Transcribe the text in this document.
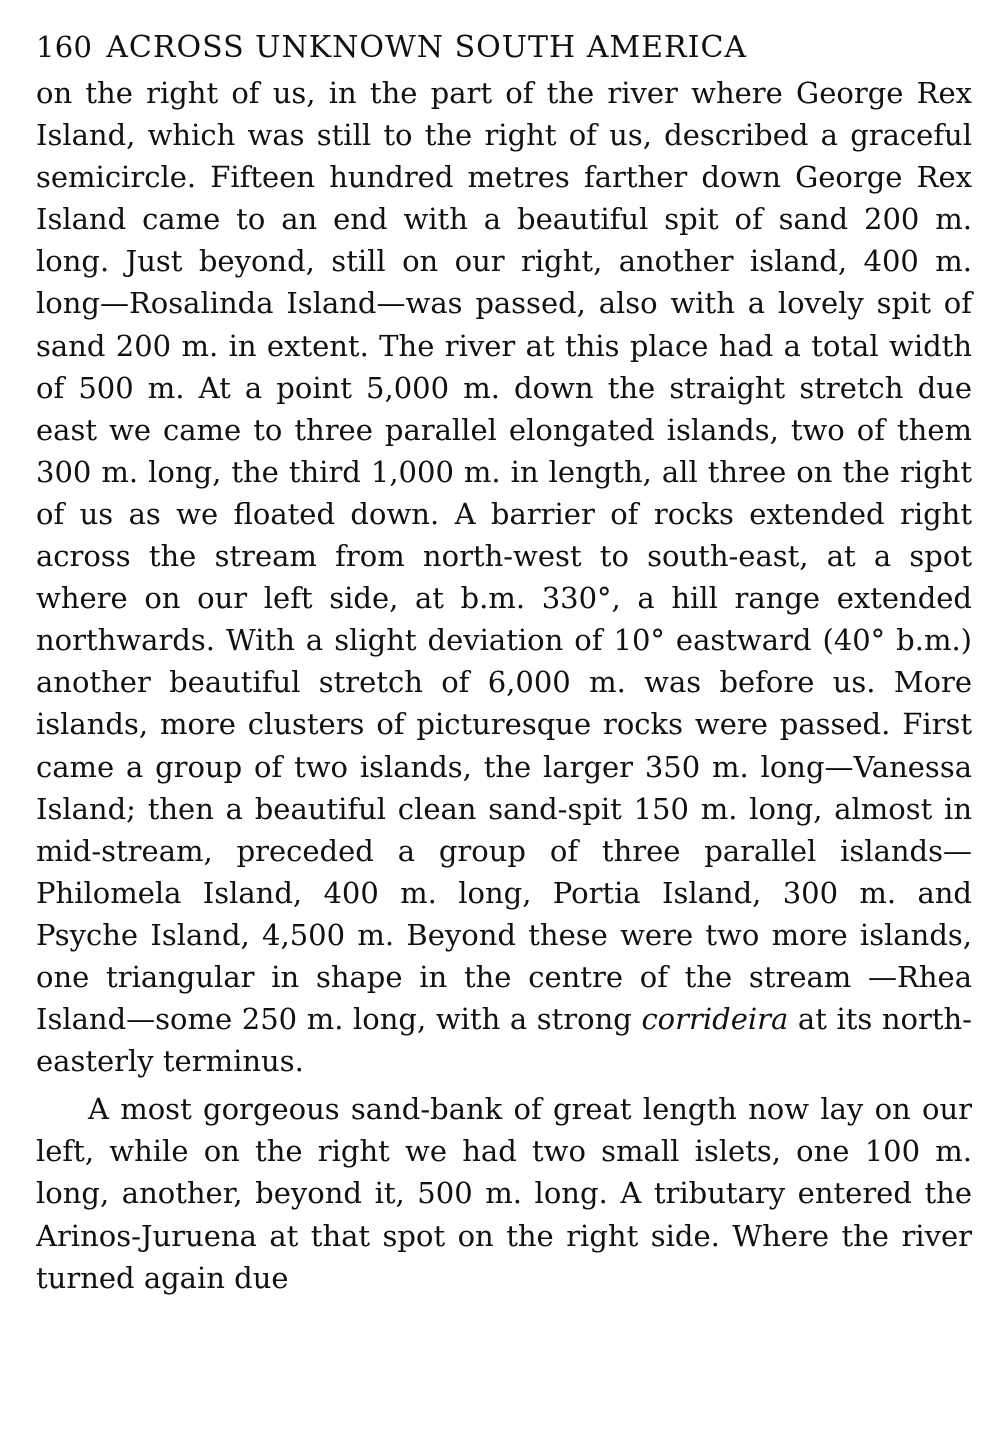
160 ACROSS UNKNOWN SOUTH AMERICA

on the right of us, in the part of the river where George Rex Island, which was still to the right of us, described a graceful semicircle. Fifteen hundred metres farther down George Rex Island came to an end with a beautiful spit of sand 200 m. long. Just beyond, still on our right, another island, 400 m. long—Rosalinda Island—was passed, also with a lovely spit of sand 200 m. in extent. The river at this place had a total width of 500 m. At a point 5,000 m. down the straight stretch due east we came to three parallel elongated islands, two of them 300 m. long, the third 1,000 m. in length, all three on the right of us as we floated down. A barrier of rocks extended right across the stream from north-west to south-east, at a spot where on our left side, at b.m. 330°, a hill range extended northwards. With a slight deviation of 10° eastward (40° b.m.) another beautiful stretch of 6,000 m. was before us. More islands, more clusters of picturesque rocks were passed. First came a group of two islands, the larger 350 m. long—Vanessa Island; then a beautiful clean sand-spit 150 m. long, almost in mid-stream, preceded a group of three parallel islands—Philomela Island, 400 m. long, Portia Island, 300 m. and Psyche Island, 4,500 m. Beyond these were two more islands, one triangular in shape in the centre of the stream —Rhea Island—some 250 m. long, with a strong corrideira at its north-easterly terminus.

A most gorgeous sand-bank of great length now lay on our left, while on the right we had two small islets, one 100 m. long, another, beyond it, 500 m. long. A tributary entered the Arinos-Juruena at that spot on the right side. Where the river turned again due
